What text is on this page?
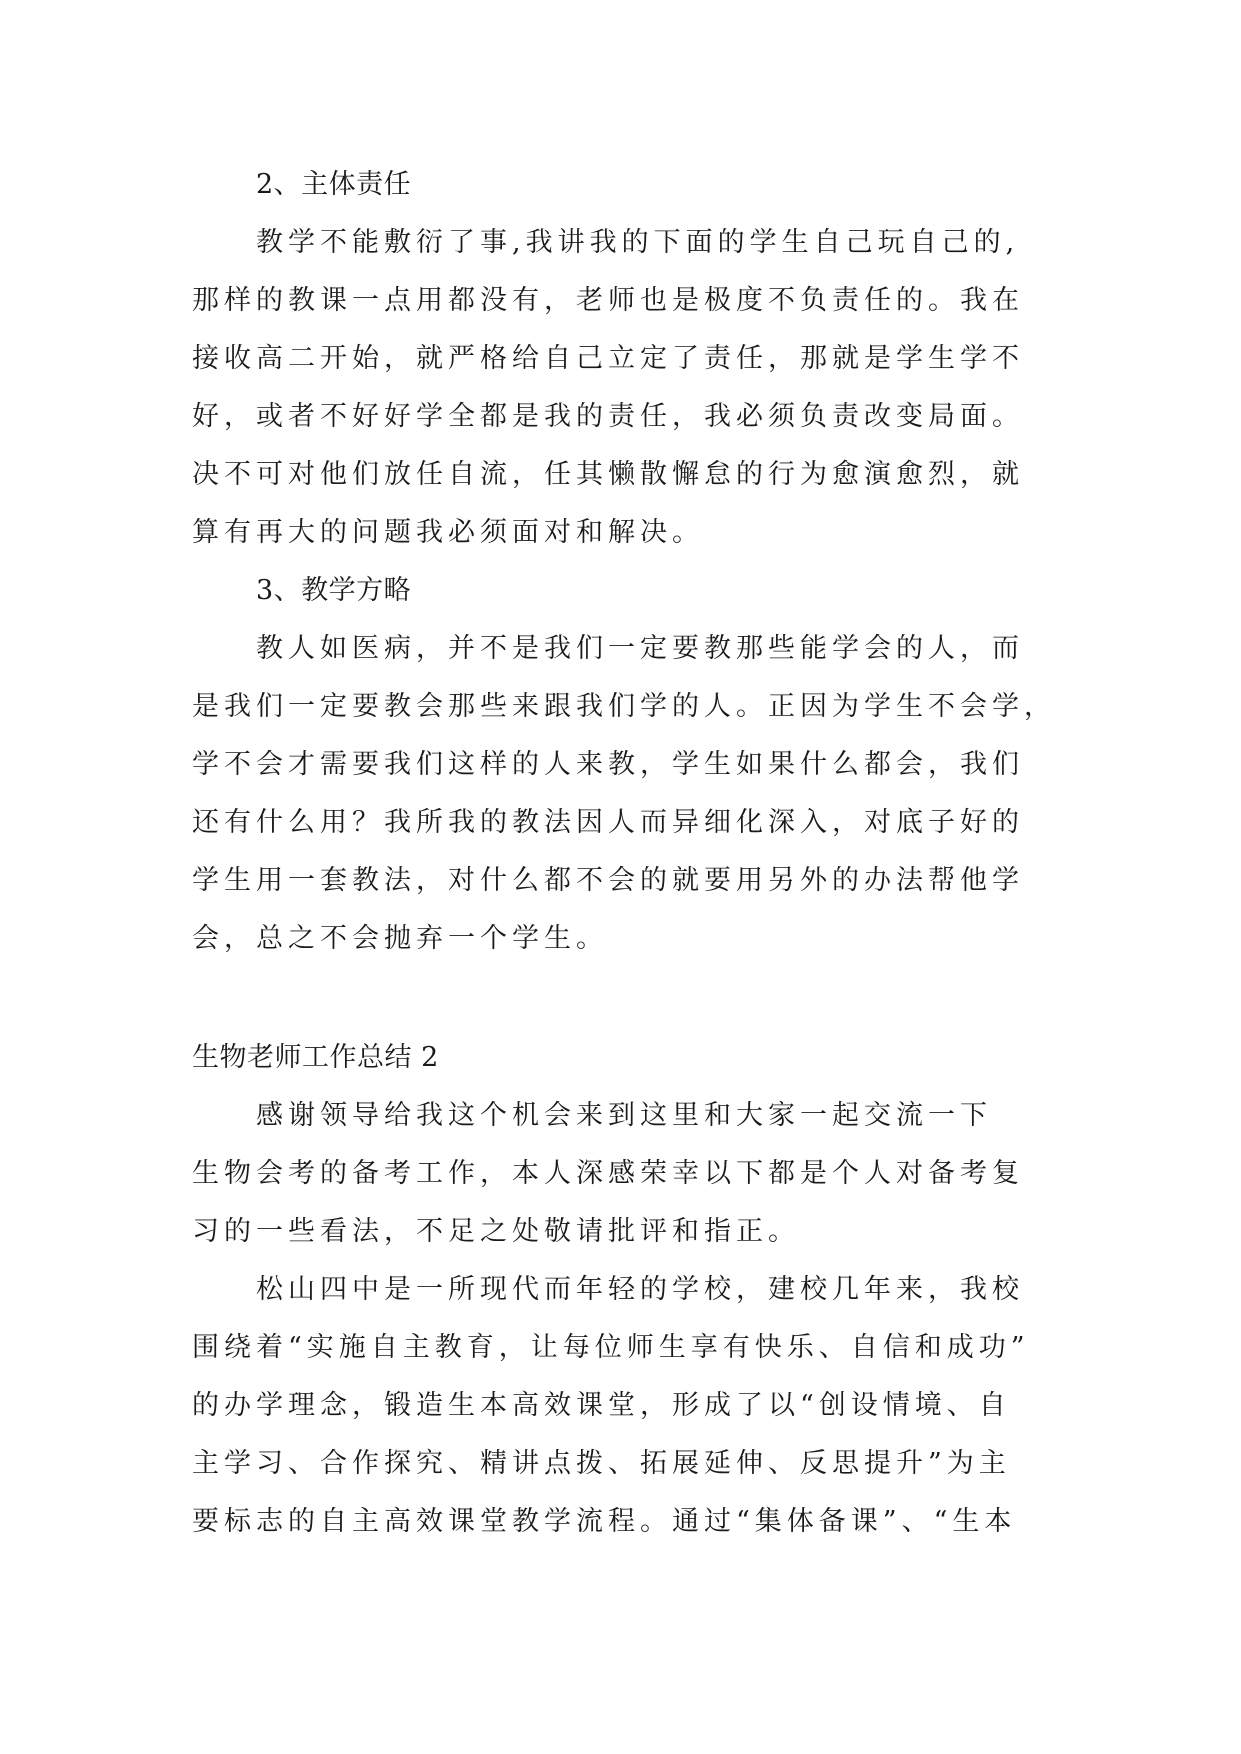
2、主体责任
教学不能敷衍了事,我讲我的下面的学生自己玩自己的,
那样的教课一点用都没有，老师也是极度不负责任的。我在
接收高二开始，就严格给自己立定了责任，那就是学生学不
好，或者不好好学全都是我的责任，我必须负责改变局面。
决不可对他们放任自流，任其懒散懈怠的行为愈演愈烈，就
算有再大的问题我必须面对和解决。
3、教学方略
教人如医病，并不是我们一定要教那些能学会的人，而
是我们一定要教会那些来跟我们学的人。正因为学生不会学，
学不会才需要我们这样的人来教，学生如果什么都会，我们
还有什么用？我所我的教法因人而异细化深入，对底子好的
学生用一套教法，对什么都不会的就要用另外的办法帮他学
会，总之不会抛弃一个学生。
生物老师工作总结 2
感谢领导给我这个机会来到这里和大家一起交流一下
生物会考的备考工作，本人深感荣幸以下都是个人对备考复
习的一些看法，不足之处敬请批评和指正。
松山四中是一所现代而年轻的学校，建校几年来，我校
围绕着“实施自主教育，让每位师生享有快乐、自信和成功”
的办学理念，锻造生本高效课堂，形成了以“创设情境、自
主学习、合作探究、精讲点拨、拓展延伸、反思提升”为主
要标志的自主高效课堂教学流程。通过“集体备课”、“生本
